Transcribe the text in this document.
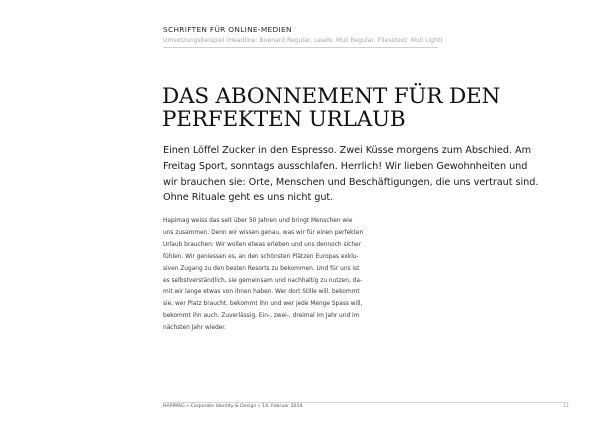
SCHRIFTEN FÜR ONLINE-MEDIEN
Umsetzungsbeispiel (Headline: Buenard Regular, Leads: Muli Regular, Fliesstext: Muli Light)
DAS ABONNEMENT FÜR DEN PERFEKTEN URLAUB

Einen Löffel Zucker in den Espresso. Zwei Küsse morgens zum Abschied. Am Freitag Sport, sonntags ausschlafen. Herrlich! Wir lieben Gewohnheiten und wir brauchen sie: Orte, Menschen und Beschäftigungen, die uns vertraut sind. Ohne Rituale geht es uns nicht gut.

Hapimag weiss das seit über 50 Jahren und bringt Menschen wie
uns zusammen. Denn wir wissen genau, was wir für einen perfekten
Urlaub brauchen: Wir wollen etwas erleben und uns dennoch sicher
fühlen. Wir geniessen es, an den schönsten Plätzen Europas exklu-
siven Zugang zu den besten Resorts zu bekommen. Und für uns ist
es selbstverständlich, sie gemeinsam und nachhaltig zu nutzen, da-
mit wir lange etwas von ihnen haben. Wer dort Stille will, bekommt
sie, wer Platz braucht, bekommt ihn und wer jede Menge Spass will,
bekommt ihn auch. Zuverlässig. Ein-, zwei-, dreimal im Jahr und im
nächsten Jahr wieder.

HAPIMAG » Corporate Identity & Design » 14. Februar 2014	| 11
